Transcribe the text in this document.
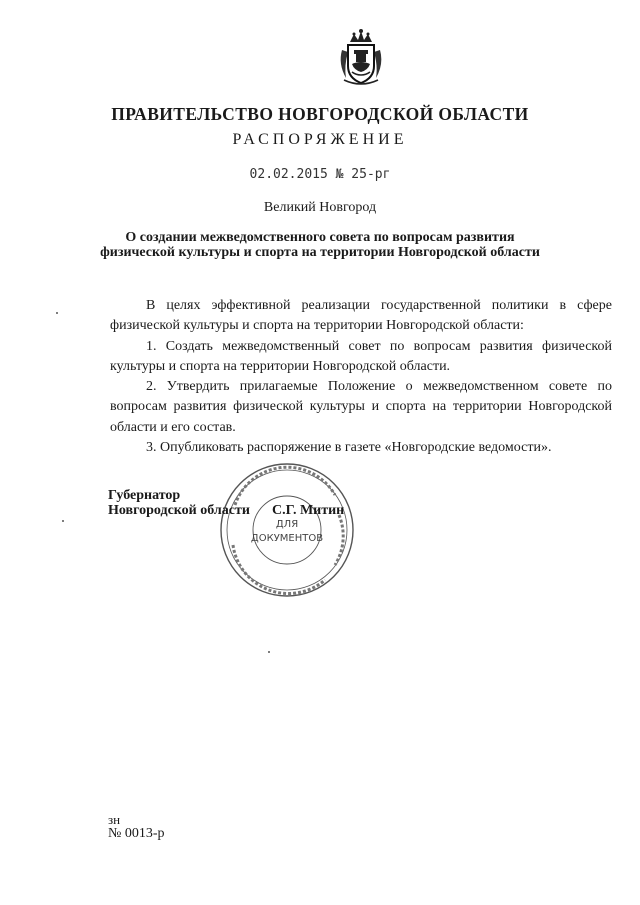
ПРАВИТЕЛЬСТВО НОВГОРОДСКОЙ ОБЛАСТИ
РАСПОРЯЖЕНИЕ
02.02.2015 № 25-рг
Великий Новгород
О создании межведомственного совета по вопросам развития
физической культуры и спорта на территории Новгородской области

В целях эффективной реализации государственной политики в сфере физической культуры и спорта на территории Новгородской области:

1. Создать межведомственный совет по вопросам развития физической культуры и спорта на территории Новгородской области.

2. Утвердить прилагаемые Положение о межведомственном совете по вопросам развития физической культуры и спорта на территории Новгородской области и его состав.

3. Опубликовать распоряжение в газете «Новгородские ведомости».

ДЛЯ
ДОКУМЕНТОВ
Губернатор
Новгородской области С.Г. Митин
зн
№ 0013-р
